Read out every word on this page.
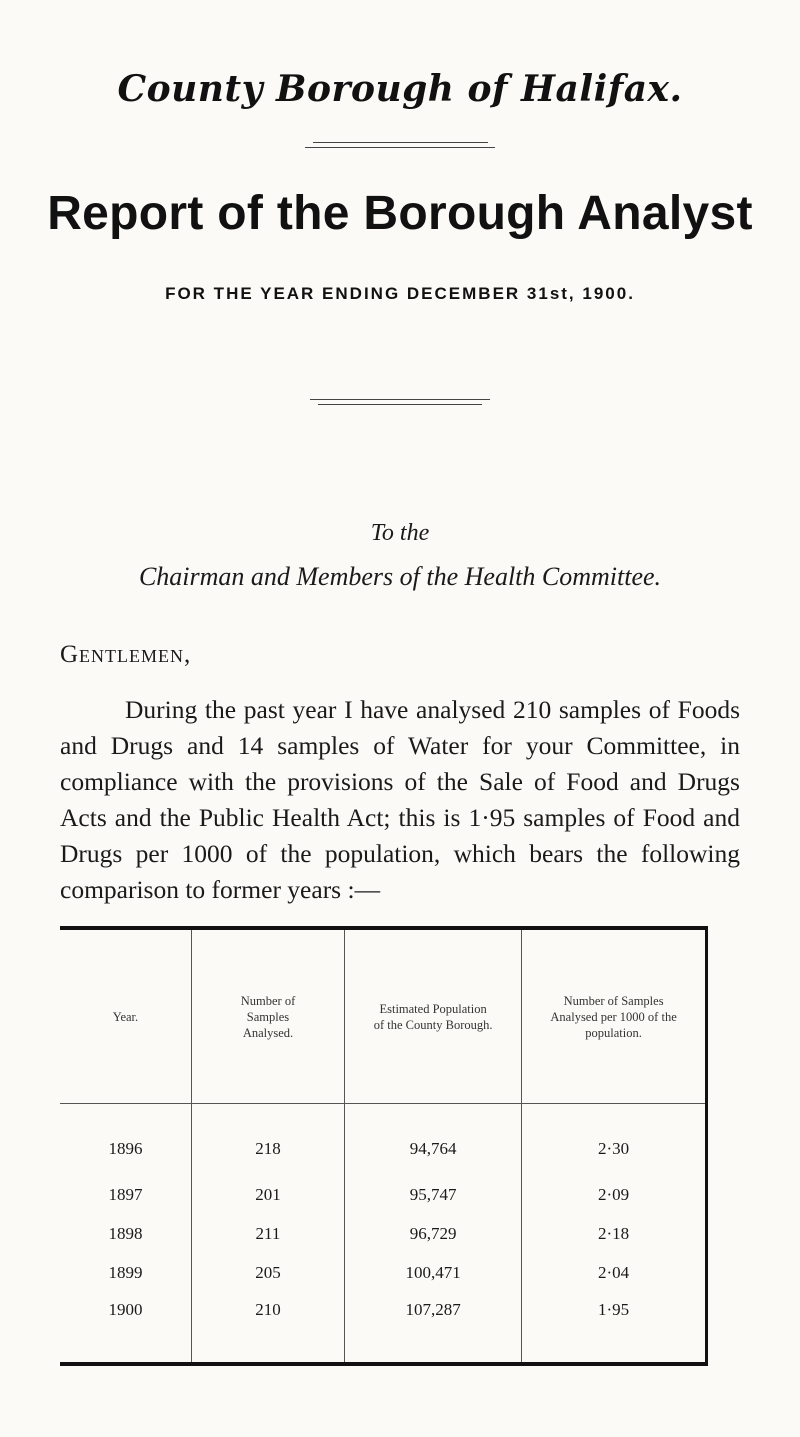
County Borough of Halifax.
Report of the Borough Analyst
FOR THE YEAR ENDING DECEMBER 31st, 1900.
To the
Chairman and Members of the Health Committee.
Gentlemen,
During the past year I have analysed 210 samples of Foods and Drugs and 14 samples of Water for your Committee, in compliance with the provisions of the Sale of Food and Drugs Acts and the Public Health Act; this is 1·95 samples of Food and Drugs per 1000 of the population, which bears the following comparison to former years :—
Year.	Number of Samples Analysed.	Estimated Population of the County Borough.	Number of Samples Analysed per 1000 of the population.

1896	218	94,764	2·30
1897	201	95,747	2·09
1898	211	96,729	2·18
1899	205	100,471	2·04
1900	210	107,287	1·95
